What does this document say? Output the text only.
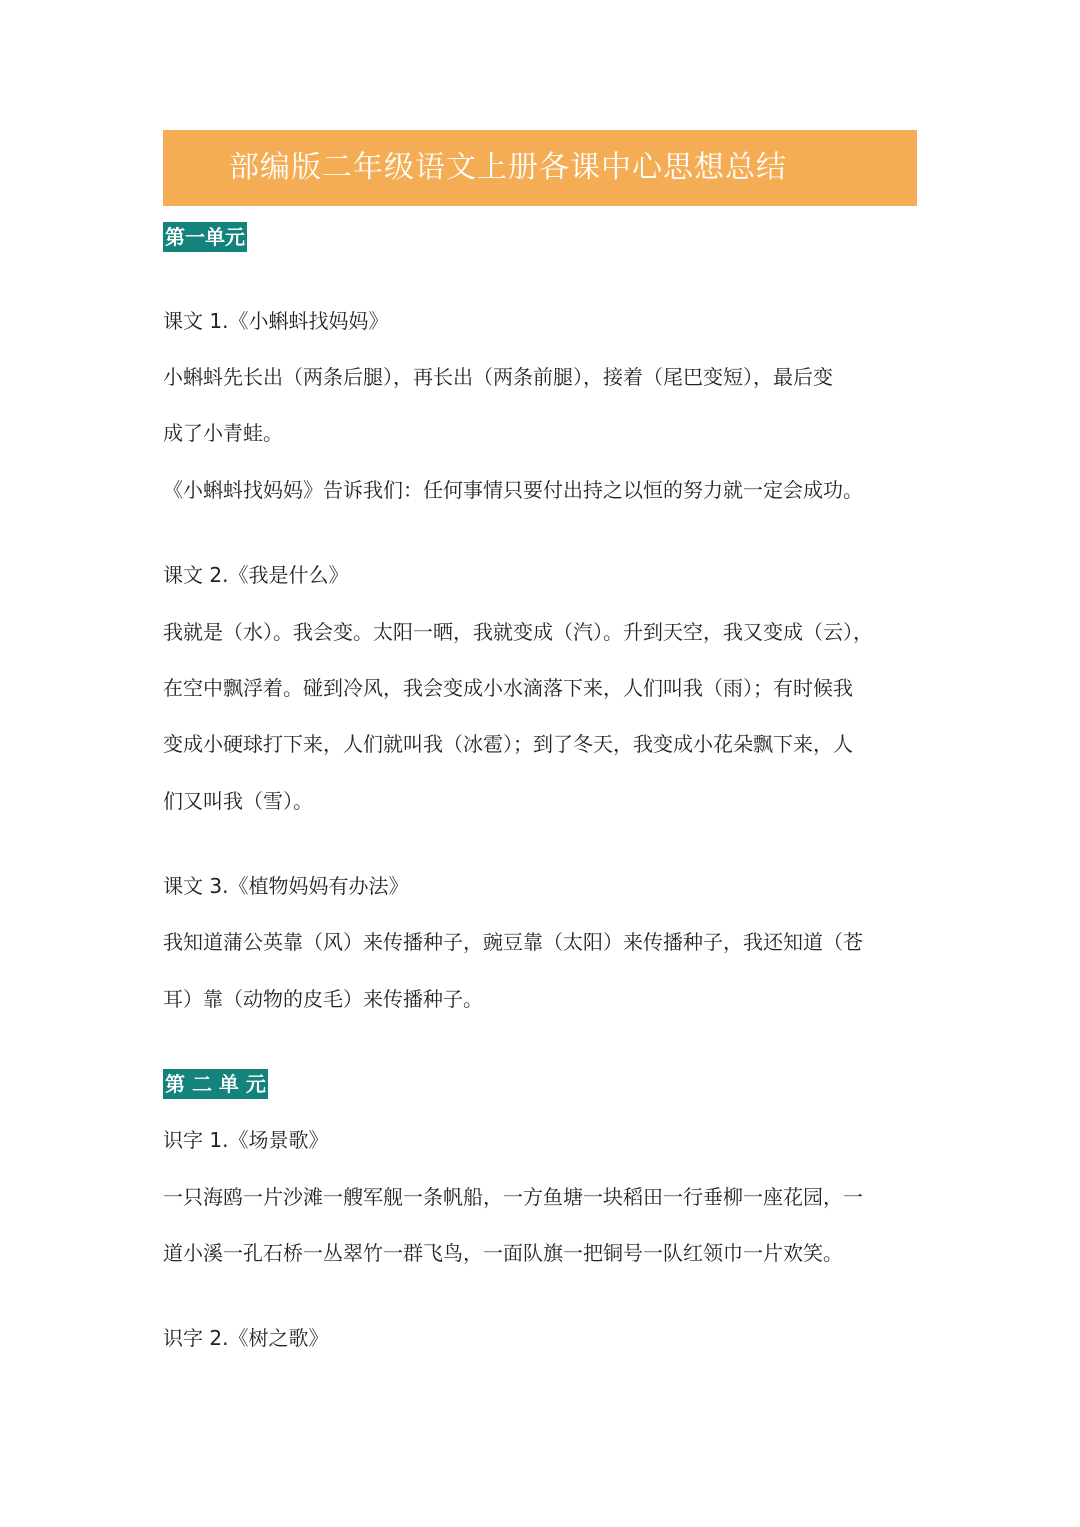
部编版二年级语文上册各课中心思想总结
第一单元
课文 1.《小蝌蚪找妈妈》
小蝌蚪先长出（两条后腿），再长出（两条前腿），接着（尾巴变短），最后变
成了小青蛙。
《小蝌蚪找妈妈》告诉我们：任何事情只要付出持之以恒的努力就一定会成功。
课文 2.《我是什么》
我就是（水）。我会变。太阳一晒，我就变成（汽）。升到天空，我又变成（云），
在空中飘浮着。碰到冷风，我会变成小水滴落下来，人们叫我（雨）；有时候我
变成小硬球打下来，人们就叫我（冰雹）；到了冬天，我变成小花朵飘下来，人
们又叫我（雪）。
课文 3.《植物妈妈有办法》
我知道蒲公英靠（风）来传播种子，豌豆靠（太阳）来传播种子，我还知道（苍
耳）靠（动物的皮毛）来传播种子。
第 二 单 元
识字 1.《场景歌》
一只海鸥一片沙滩一艘军舰一条帆船，一方鱼塘一块稻田一行垂柳一座花园，一
道小溪一孔石桥一丛翠竹一群飞鸟，一面队旗一把铜号一队红领巾一片欢笑。
识字 2.《树之歌》
